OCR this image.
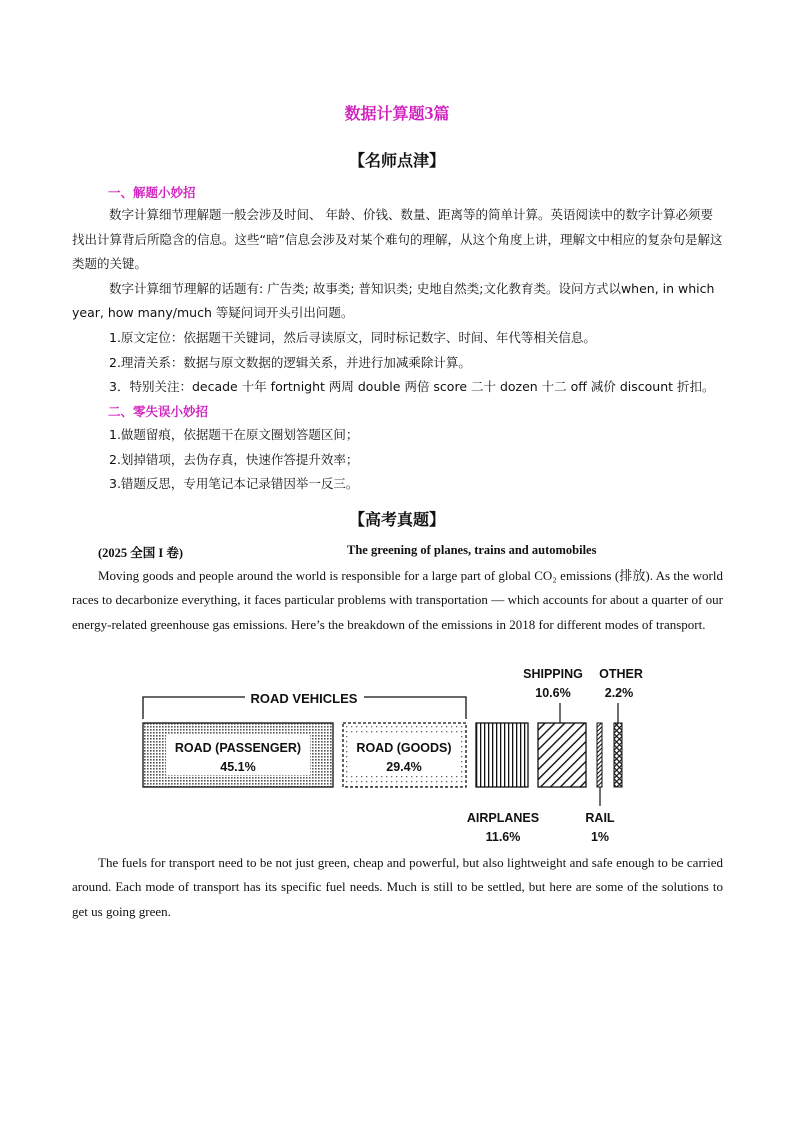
数据计算题3篇
【名师点津】
一、解题小妙招

数字计算细节理解题一般会涉及时间、 年龄、价钱、数量、距离等的简单计算。英语阅读中的数字计算必须要找出计算背后所隐含的信息。这些“暗”信息会涉及对某个难句的理解，从这个角度上讲，理解文中相应的复杂句是解这类题的关键。

数字计算细节理解的话题有: 广告类; 故事类; 普知识类; 史地自然类;文化教育类。设问方式以when, in which year, how many/much 等疑问词开头引出问题。

1.原文定位：依据题干关键词，然后寻读原文，同时标记数字、时间、年代等相关信息。

2.理清关系：数据与原文数据的逻辑关系，并进行加减乘除计算。

3．特别关注：decade 十年 fortnight 两周 double 两倍 score 二十 dozen 十二 off 减价 discount 折扣。

二、零失误小妙招

1.做题留痕，依据题干在原文圈划答题区间；

2.划掉错项，去伪存真，快速作答提升效率；

3.错题反思，专用笔记本记录错因举一反三。

【高考真题】
(2025 全国 I 卷)	The greening of planes, trains and automobiles

Moving goods and people around the world is responsible for a large part of global CO₂ emissions (排放). As the world races to decarbonize everything, it faces particular problems with transportation — which accounts for about a quarter of our energy-related greenhouse gas emissions. Here’s the breakdown of the emissions in 2018 for different modes of transport.

ROAD VEHICLES
ROAD (PASSENGER)
45.1%
ROAD (GOODS)
29.4%
AIRPLANES
11.6%
SHIPPING
10.6%
RAIL
1%
OTHER
2.2%

The fuels for transport need to be not just green, cheap and powerful, but also lightweight and safe enough to be carried around. Each mode of transport has its specific fuel needs. Much is still to be settled, but here are some of the solutions to get us going green.
